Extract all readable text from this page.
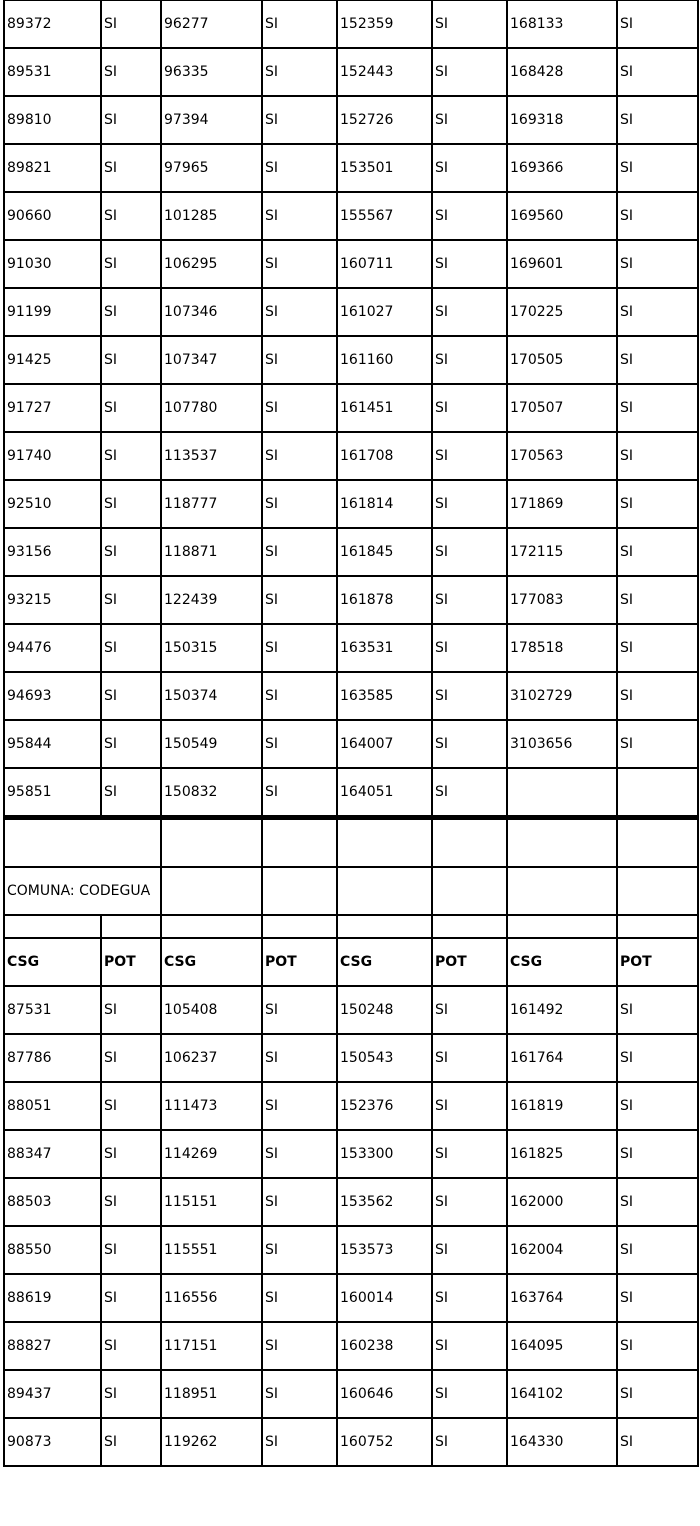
89372	SI	96277	SI	152359	SI	168133	SI
89531	SI	96335	SI	152443	SI	168428	SI
89810	SI	97394	SI	152726	SI	169318	SI
89821	SI	97965	SI	153501	SI	169366	SI
90660	SI	101285	SI	155567	SI	169560	SI
91030	SI	106295	SI	160711	SI	169601	SI
91199	SI	107346	SI	161027	SI	170225	SI
91425	SI	107347	SI	161160	SI	170505	SI
91727	SI	107780	SI	161451	SI	170507	SI
91740	SI	113537	SI	161708	SI	170563	SI
92510	SI	118777	SI	161814	SI	171869	SI
93156	SI	118871	SI	161845	SI	172115	SI
93215	SI	122439	SI	161878	SI	177083	SI
94476	SI	150315	SI	163531	SI	178518	SI
94693	SI	150374	SI	163585	SI	3102729	SI
95844	SI	150549	SI	164007	SI	3103656	SI
95851	SI	150832	SI	164051	SI		

COMUNA: CODEGUA							

CSG	POT	CSG	POT	CSG	POT	CSG	POT
87531	SI	105408	SI	150248	SI	161492	SI
87786	SI	106237	SI	150543	SI	161764	SI
88051	SI	111473	SI	152376	SI	161819	SI
88347	SI	114269	SI	153300	SI	161825	SI
88503	SI	115151	SI	153562	SI	162000	SI
88550	SI	115551	SI	153573	SI	162004	SI
88619	SI	116556	SI	160014	SI	163764	SI
88827	SI	117151	SI	160238	SI	164095	SI
89437	SI	118951	SI	160646	SI	164102	SI
90873	SI	119262	SI	160752	SI	164330	SI
